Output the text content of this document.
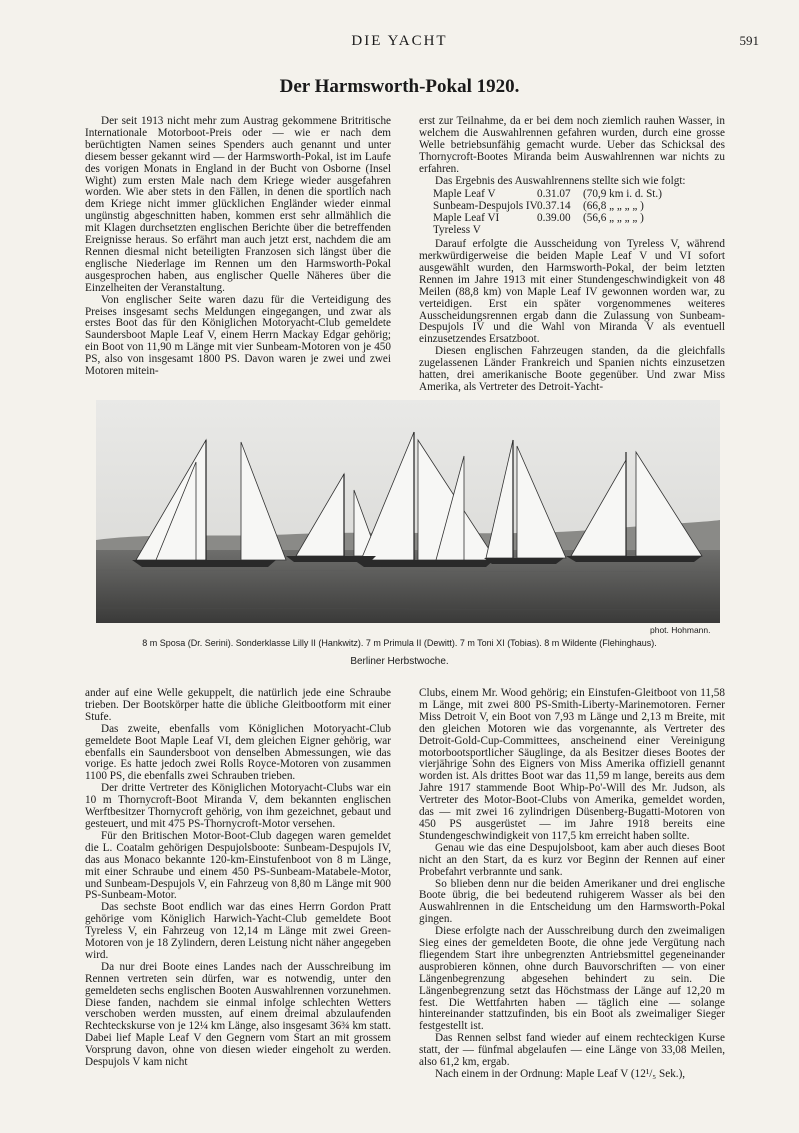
DIE YACHT	591
Der Harmsworth-Pokal 1920.

Der seit 1913 nicht mehr zum Austrag gekommene Britritische Internationale Motorboot-Preis oder — wie er nach dem berüchtigten Namen seines Spenders auch genannt und unter diesem besser gekannt wird — der Harmsworth-Pokal, ist im Laufe des vorigen Monats in England in der Bucht von Osborne (Insel Wight) zum ersten Male nach dem Kriege wieder ausgefahren worden. Wie aber stets in den Fällen, in denen die sportlich nach dem Kriege nicht immer glücklichen Engländer wieder einmal ungünstig abgeschnitten haben, kommen erst sehr allmählich die mit Klagen durchsetzten englischen Berichte über die betreffenden Ereignisse heraus. So erfährt man auch jetzt erst, nachdem die am Rennen diesmal nicht beteiligten Franzosen sich längst über die englische Niederlage im Rennen um den Harmsworth-Pokal ausgesprochen haben, aus englischer Quelle Näheres über die Einzelheiten der Veranstaltung.

Von englischer Seite waren dazu für die Verteidigung des Preises insgesamt sechs Meldungen eingegangen, und zwar als erstes Boot das für den Königlichen Motoryacht-Club gemeldete Saundersboot Maple Leaf V, einem Herrn Mackay Edgar gehörig; ein Boot von 11,90 m Länge mit vier Sunbeam-Motoren von je 450 PS, also von insgesamt 1800 PS. Davon waren je zwei und zwei Motoren mitein-

erst zur Teilnahme, da er bei dem noch ziemlich rauhen Wasser, in welchem die Auswahlrennen gefahren wurden, durch eine grosse Welle betriebsunfähig gemacht wurde. Ueber das Schicksal des Thornycroft-Bootes Miranda beim Auswahlrennen war nichts zu erfahren.

Das Ergebnis des Auswahlrennens stellte sich wie folgt:

Maple Leaf V	0.31.07	(70,9 km i. d. St.)
Sunbeam-Despujols IV 0.37.14	(66,8 „ „ „ „ )
Maple Leaf VI	0.39.00	(56,6 „ „ „ „ )
Tyreless V

Darauf erfolgte die Ausscheidung von Tyreless V, während merkwürdigerweise die beiden Maple Leaf V und VI sofort ausgewählt wurden, den Harmsworth-Pokal, der beim letzten Rennen im Jahre 1913 mit einer Stundengeschwindigkeit von 48 Meilen (88,8 km) von Maple Leaf IV gewonnen worden war, zu verteidigen. Erst ein später vorgenommenes weiteres Ausscheidungsrennen ergab dann die Zulassung von Sunbeam-Despujols IV und die Wahl von Miranda V als eventuell einzusetzendes Ersatzboot.

Diesen englischen Fahrzeugen standen, da die gleichfalls zugelassenen Länder Frankreich und Spanien nichts einzusetzen hatten, drei amerikanische Boote gegenüber. Und zwar Miss Amerika, als Vertreter des Detroit-Yacht-

phot. Hohmann.
8 m Sposa (Dr. Serini). Sonderklasse Lilly II (Hankwitz). 7 m Primula II (Dewitt). 7 m Toni XI (Tobias). 8 m Wildente (Flehinghaus).
Berliner Herbstwoche.

ander auf eine Welle gekuppelt, die natürlich jede eine Schraube trieben. Der Bootskörper hatte die übliche Gleitbootform mit einer Stufe.

Das zweite, ebenfalls vom Königlichen Motoryacht-Club gemeldete Boot Maple Leaf VI, dem gleichen Eigner gehörig, war ebenfalls ein Saundersboot von denselben Abmessungen, wie das vorige. Es hatte jedoch zwei Rolls Royce-Motoren von zusammen 1100 PS, die ebenfalls zwei Schrauben trieben.

Der dritte Vertreter des Königlichen Motoryacht-Clubs war ein 10 m Thornycroft-Boot Miranda V, dem bekannten englischen Werftbesitzer Thornycroft gehörig, von ihm gezeichnet, gebaut und gesteuert, und mit 475 PS-Thornycroft-Motor versehen.

Für den Britischen Motor-Boot-Club dagegen waren gemeldet die L. Coatalm gehörigen Despujolsboote: Sunbeam-Despujols IV, das aus Monaco bekannte 120-km-Einstufenboot von 8 m Länge, mit einer Schraube und einem 450 PS-Sunbeam-Matabele-Motor, und Sunbeam-Despujols V, ein Fahrzeug von 8,80 m Länge mit 900 PS-Sunbeam-Motor.

Das sechste Boot endlich war das eines Herrn Gordon Pratt gehörige vom Königlich Harwich-Yacht-Club gemeldete Boot Tyreless V, ein Fahrzeug von 12,14 m Länge mit zwei Green-Motoren von je 18 Zylindern, deren Leistung nicht näher angegeben wird.

Da nur drei Boote eines Landes nach der Ausschreibung im Rennen vertreten sein dürfen, war es notwendig, unter den gemeldeten sechs englischen Booten Auswahlrennen vorzunehmen. Diese fanden, nachdem sie einmal infolge schlechten Wetters verschoben werden mussten, auf einem dreimal abzulaufenden Rechteckskurse von je 12¼ km Länge, also insgesamt 36¾ km statt. Dabei lief Maple Leaf V den Gegnern vom Start an mit grossem Vorsprung davon, ohne von diesen wieder eingeholt zu werden. Despujols V kam nicht

Clubs, einem Mr. Wood gehörig; ein Einstufen-Gleitboot von 11,58 m Länge, mit zwei 800 PS-Smith-Liberty-Marinemotoren. Ferner Miss Detroit V, ein Boot von 7,93 m Länge und 2,13 m Breite, mit den gleichen Motoren wie das vorgenannte, als Vertreter des Detroit-Gold-Cup-Committees, anscheinend einer Vereinigung motorbootsportlicher Säuglinge, da als Besitzer dieses Bootes der vierjährige Sohn des Eigners von Miss Amerika offiziell genannt worden ist. Als drittes Boot war das 11,59 m lange, bereits aus dem Jahre 1917 stammende Boot Whip-Po'-Will des Mr. Judson, als Vertreter des Motor-Boot-Clubs von Amerika, gemeldet worden, das — mit zwei 16 zylindrigen Düsenberg-Bugatti-Motoren von 450 PS ausgerüstet — im Jahre 1918 bereits eine Stundengeschwindigkeit von 117,5 km erreicht haben sollte.

Genau wie das eine Despujolsboot, kam aber auch dieses Boot nicht an den Start, da es kurz vor Beginn der Rennen auf einer Probefahrt verbrannte und sank.

So blieben denn nur die beiden Amerikaner und drei englische Boote übrig, die bei bedeutend ruhigerem Wasser als bei den Auswahlrennen in die Entscheidung um den Harmsworth-Pokal gingen.

Diese erfolgte nach der Ausschreibung durch den zweimaligen Sieg eines der gemeldeten Boote, die ohne jede Vergütung nach fliegendem Start ihre unbegrenzten Antriebsmittel gegeneinander ausprobieren können, ohne durch Bauvorschriften — von einer Längenbegrenzung abgesehen behindert zu sein. Die Längenbegrenzung setzt das Höchstmass der Länge auf 12,20 m fest. Die Wettfahrten haben — täglich eine — solange hintereinander stattzufinden, bis ein Boot als zweimaliger Sieger festgestellt ist.

Das Rennen selbst fand wieder auf einem rechteckigen Kurse statt, der — fünfmal abgelaufen — eine Länge von 33,08 Meilen, also 61,2 km, ergab.

Nach einem in der Ordnung: Maple Leaf V (12¹/₅ Sek.),
